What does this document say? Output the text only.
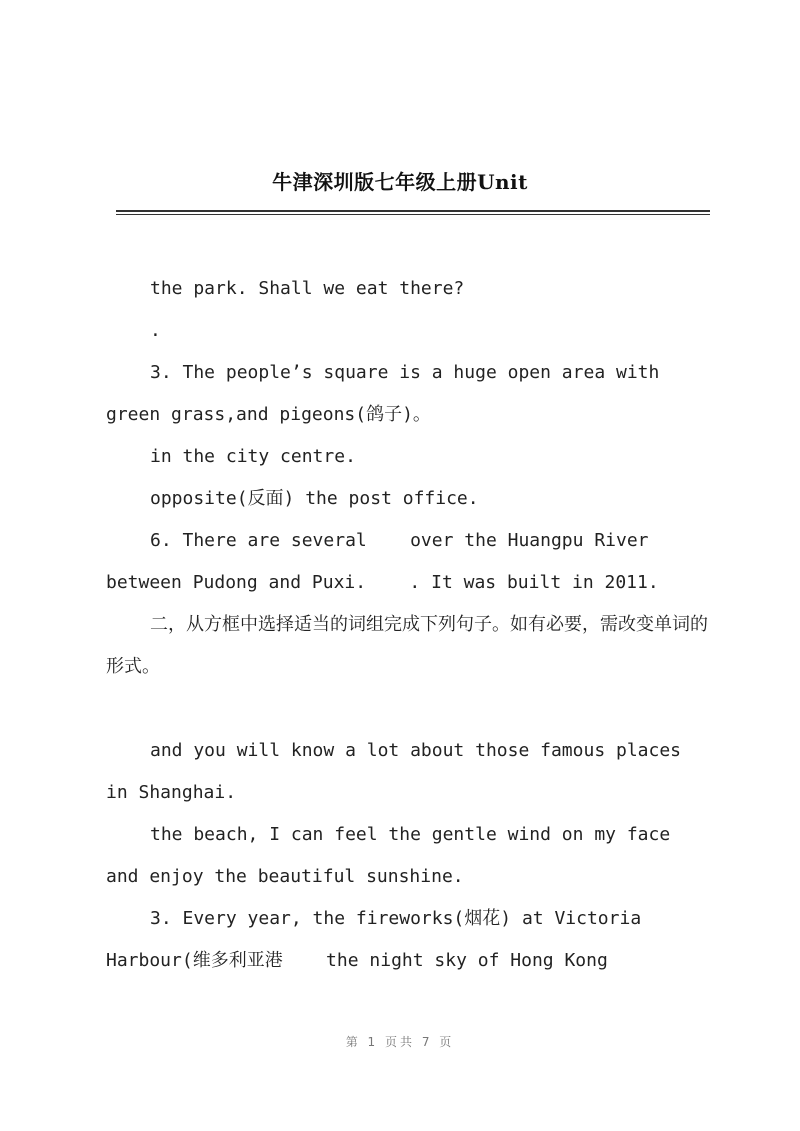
牛津深圳版七年级上册Unit

the park. Shall we eat there?

.

3. The people’s square is a huge open area with green grass,and pigeons(鸽子)。

in the city centre.

opposite(反面) the post office.

6. There are several    over the Huangpu River between Pudong and Puxi.    . It was built in 2011.

二，从方框中选择适当的词组完成下列句子。如有必要，需改变单词的形式。

and you will know a lot about those famous places in Shanghai.

the beach, I can feel the gentle wind on my face and enjoy the beautiful sunshine.

3. Every year, the fireworks(烟花) at Victoria Harbour(维多利亚港    the night sky of Hong Kong

第 1 页共 7 页
